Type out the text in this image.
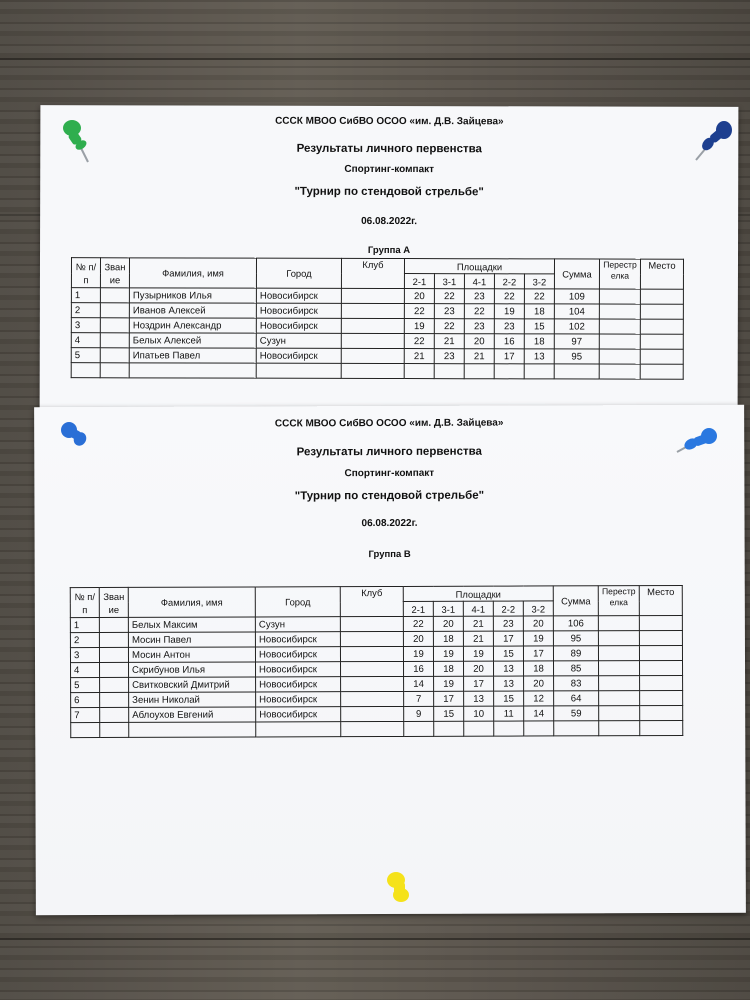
СССК МВОО СибВО ОСОО «им. Д.В. Зайцева»
Результаты личного первенства
Спортинг-компакт
"Турнир по стендовой стрельбе"
06.08.2022г.
Группа А
№ п/п	Звание	Фамилия, имя	Город	Клуб	Площадки					Сумма	Перестрелка	Место
					2-1	3-1	4-1	2-2	3-2			
1		Пузырников Илья	Новосибирск		20	22	23	22	22	109		
2		Иванов Алексей	Новосибирск		22	23	22	19	18	104		
3		Ноздрин Александр	Новосибирск		19	22	23	23	15	102		
4		Белых Алексей	Сузун		22	21	20	16	18	97		
5		Ипатьев Павел	Новосибирск		21	23	21	17	13	95		

СССК МВОО СибВО ОСОО «им. Д.В. Зайцева»
Результаты личного первенства
Спортинг-компакт
"Турнир по стендовой стрельбе"
06.08.2022г.
Группа В
№ п/п	Звание	Фамилия, имя	Город	Клуб	Площадки					Сумма	Перестрелка	Место
					2-1	3-1	4-1	2-2	3-2			
1		Белых Максим	Сузун		22	20	21	23	20	106		
2		Мосин Павел	Новосибирск		20	18	21	17	19	95		
3		Мосин Антон	Новосибирск		19	19	19	15	17	89		
4		Скрибунов Илья	Новосибирск		16	18	20	13	18	85		
5		Свитковский Дмитрий	Новосибирск		14	19	17	13	20	83		
6		Зенин Николай	Новосибирск		7	17	13	15	12	64		
7		Аблоухов Евгений	Новосибирск		9	15	10	11	14	59		
